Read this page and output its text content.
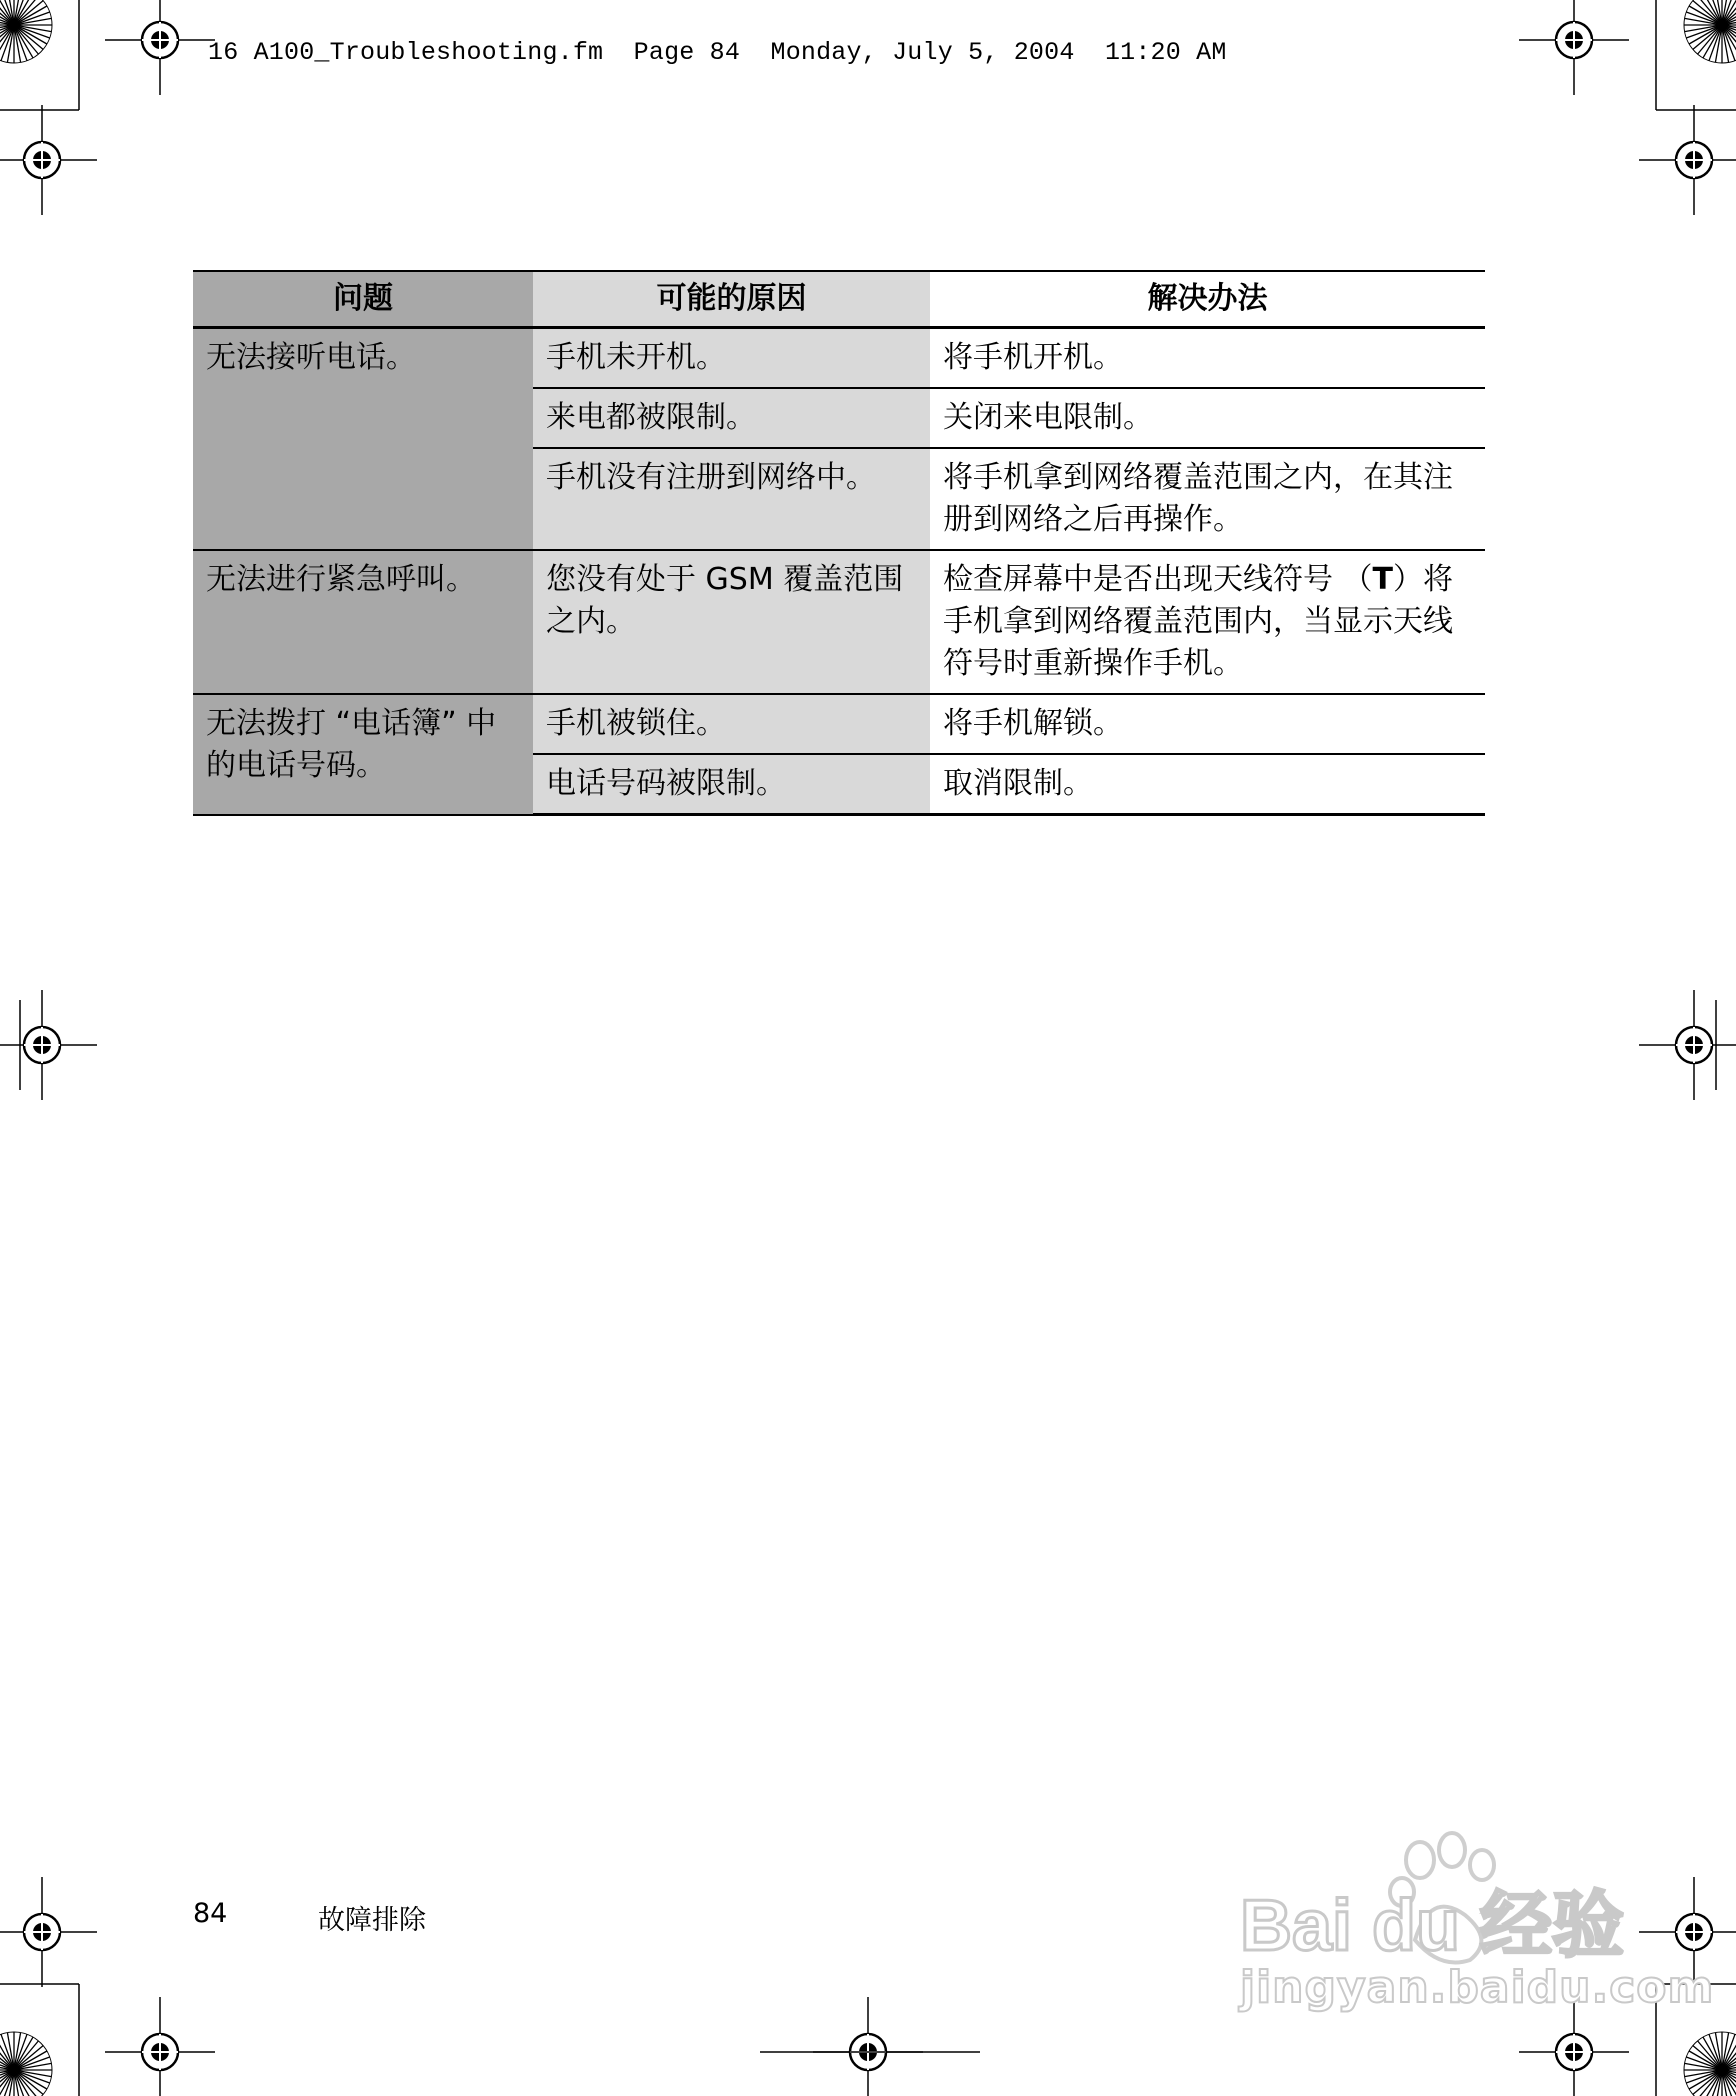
16 A100_Troubleshooting.fm  Page 84  Monday, July 5, 2004  11:20 AM
问题	可能的原因	解决办法
无法接听电话。	手机未开机。	将手机开机。
	来电都被限制。	关闭来电限制。
	手机没有注册到网络中。	将手机拿到网络覆盖范围之内，在其注册到网络之后再操作。
无法进行紧急呼叫。	您没有处于 GSM 覆盖范围之内。	检查屏幕中是否出现天线符号 （T）将手机拿到网络覆盖范围内，当显示天线符号时重新操作手机。
无法拨打 “电话簿” 中的电话号码。	手机被锁住。	将手机解锁。
	电话号码被限制。	取消限制。
84	故障排除	Bai du 经验
jingyan.baidu.com
